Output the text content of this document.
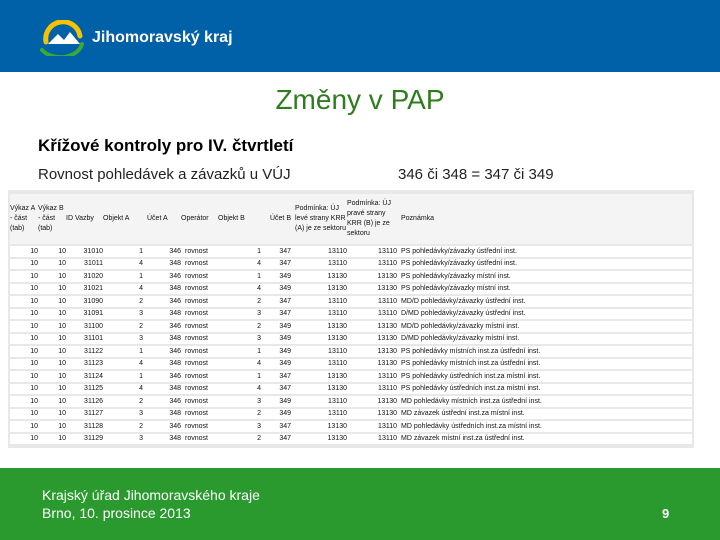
Jihomoravský kraj
Změny v PAP
Křížové kontroly pro IV. čtvrtletí
Rovnost pohledávek a závazků u VÚJ	346 či 348 = 347 či 349
Výkaz A - část (tab)	Výkaz B - část (tab)	ID Vazby	Objekt A	Účet A	Operátor	Objekt B	Účet B	Podmínka: ÚJ levé strany KRR (A) je ze sektoru	Podmínka: ÚJ pravé strany KRR (B) je ze sektoru	Poznámka
10	10	31010	1	346	rovnost	1	347	13110	13110	PS pohledávky/závazky ústřední inst.
10	10	31011	4	348	rovnost	4	347	13110	13110	PS pohledávky/závazky ústřední inst.
10	10	31020	1	346	rovnost	1	349	13130	13130	PS pohledávky/závazky místní inst.
10	10	31021	4	348	rovnost	4	349	13130	13130	PS pohledávky/závazky místní inst.
10	10	31090	2	346	rovnost	2	347	13110	13110	MD/D pohledávky/závazky ústřední inst.
10	10	31091	3	348	rovnost	3	347	13110	13110	D/MD pohledávky/závazky ústřední inst.
10	10	31100	2	346	rovnost	2	349	13130	13130	MD/D pohledávky/závazky místní inst.
10	10	31101	3	348	rovnost	3	349	13130	13130	D/MD pohledávky/závazky místní inst.
10	10	31122	1	346	rovnost	1	349	13110	13130	PS pohledávky místních inst.za ústřední inst.
10	10	31123	4	348	rovnost	4	349	13110	13130	PS pohledávky místních inst.za ústřední inst.
10	10	31124	1	346	rovnost	1	347	13130	13110	PS pohledávky ústředních inst.za místní inst.
10	10	31125	4	348	rovnost	4	347	13130	13110	PS pohledávky ústředních inst.za místní inst.
10	10	31126	2	346	rovnost	3	349	13110	13130	MD pohledávky místních inst.za ústřední inst.
10	10	31127	3	348	rovnost	2	349	13110	13130	MD závazek ústřední inst.za místní inst.
10	10	31128	2	346	rovnost	3	347	13130	13110	MD pohledávky ústředních inst.za místní inst.
10	10	31129	3	348	rovnost	2	347	13130	13110	MD závazek místní inst.za ústřední inst.
Krajský úřad Jihomoravského kraje
Brno, 10. prosince 2013	9
